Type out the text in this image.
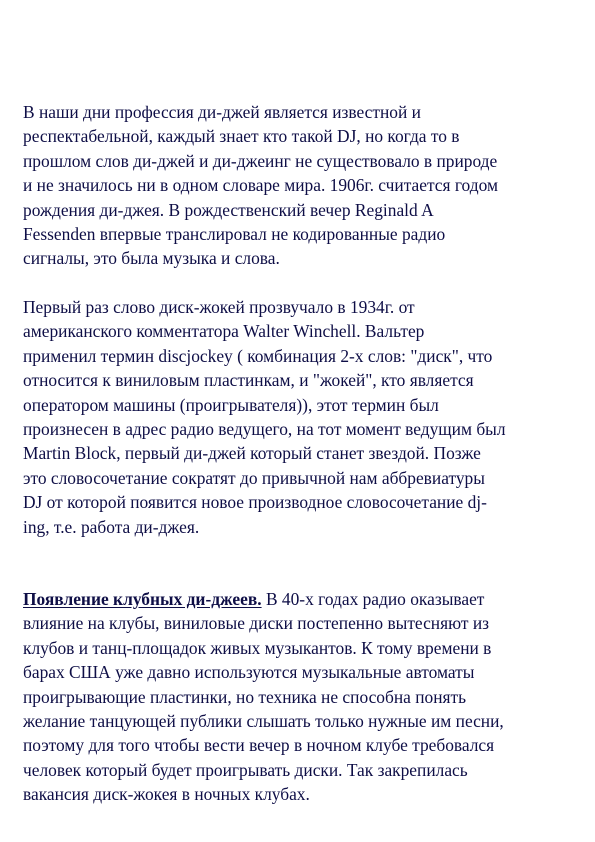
В наши дни профессия ди-джей является известной и
респектабельной, каждый знает кто такой DJ, но когда то в
прошлом слов ди-джей и ди-джеинг не существовало в природе
и не значилось ни в одном словаре мира. 1906г. считается годом
рождения ди-джея. В рождественский вечер Reginald A
Fessenden впервые транслировал не кодированные радио
сигналы, это была музыка и слова.

Первый раз слово диск-жокей прозвучало в 1934г. от
американского комментатора Walter Winchell. Вальтер
применил термин discjockey ( комбинация 2-х слов: "диск", что
относится к виниловым пластинкам, и "жокей", кто является
оператором машины (проигрывателя)), этот термин был
произнесен в адрес радио ведущего, на тот момент ведущим был
Martin Block, первый ди-джей который станет звездой. Позже
это словосочетание сократят до привычной нам аббревиатуры
DJ от которой появится новое производное словосочетание dj-
ing, т.е. работа ди-джея.

Появление клубных ди-джеев. В 40-х годах радио оказывает
влияние на клубы, виниловые диски постепенно вытесняют из
клубов и танц-площадок живых музыкантов. К тому времени в
барах США уже давно используются музыкальные автоматы
проигрывающие пластинки, но техника не способна понять
желание танцующей публики слышать только нужные им песни,
поэтому для того чтобы вести вечер в ночном клубе требовался
человек который будет проигрывать диски. Так закрепилась
вакансия диск-жокея в ночных клубах.
